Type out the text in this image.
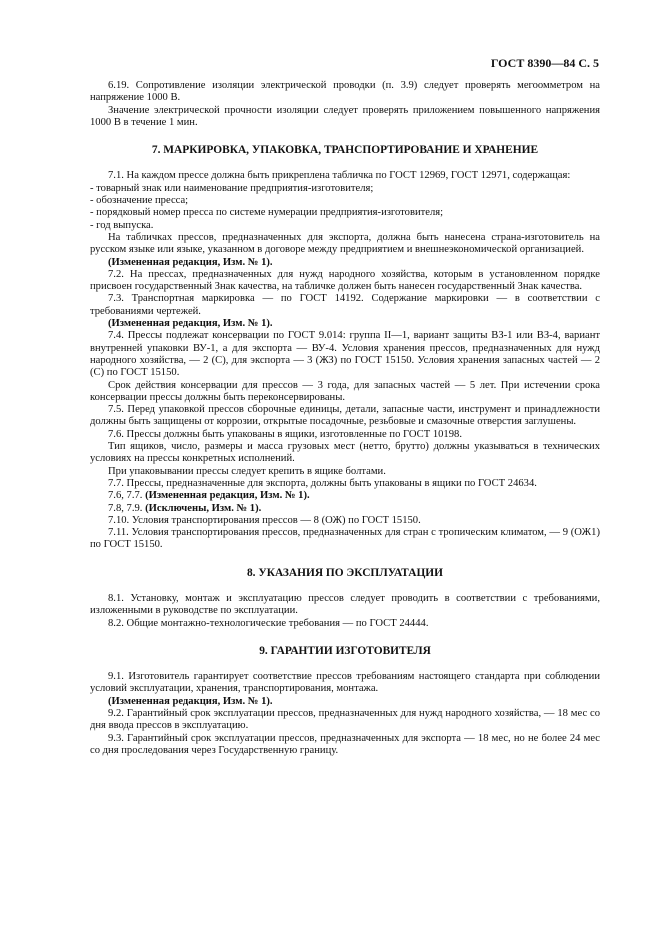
ГОСТ 8390—84 С. 5

6.19. Сопротивление изоляции электрической проводки (п. 3.9) следует проверять мегоомметром на напряжение 1000 В.

Значение электрической прочности изоляции следует проверять приложением повышенного напряжения 1000 В в течение 1 мин.

7. МАРКИРОВКА, УПАКОВКА, ТРАНСПОРТИРОВАНИЕ И ХРАНЕНИЕ

7.1. На каждом прессе должна быть прикреплена табличка по ГОСТ 12969, ГОСТ 12971, содержащая:

- товарный знак или наименование предприятия-изготовителя;

- обозначение пресса;

- порядковый номер пресса по системе нумерации предприятия-изготовителя;

- год выпуска.

На табличках прессов, предназначенных для экспорта, должна быть нанесена страна-изготовитель на русском языке или языке, указанном в договоре между предприятием и внешнеэкономической организацией.

(Измененная редакция, Изм. № 1).

7.2. На прессах, предназначенных для нужд народного хозяйства, которым в установленном порядке присвоен государственный Знак качества, на табличке должен быть нанесен государственный Знак качества.

7.3. Транспортная маркировка — по ГОСТ 14192. Содержание маркировки — в соответствии с требованиями чертежей.

(Измененная редакция, Изм. № 1).

7.4. Прессы подлежат консервации по ГОСТ 9.014: группа II—1, вариант защиты ВЗ-1 или ВЗ-4, вариант внутренней упаковки ВУ-1, а для экспорта — ВУ-4. Условия хранения прессов, предназначенных для нужд народного хозяйства, — 2 (С), для экспорта — 3 (ЖЗ) по ГОСТ 15150. Условия хранения запасных частей — 2 (С) по ГОСТ 15150.

Срок действия консервации для прессов — 3 года, для запасных частей — 5 лет. При истечении срока консервации прессы должны быть переконсервированы.

7.5. Перед упаковкой прессов сборочные единицы, детали, запасные части, инструмент и принадлежности должны быть защищены от коррозии, открытые посадочные, резьбовые и смазочные отверстия заглушены.

7.6. Прессы должны быть упакованы в ящики, изготовленные по ГОСТ 10198.

Тип ящиков, число, размеры и масса грузовых мест (нетто, брутто) должны указываться в технических условиях на прессы конкретных исполнений.

При упаковывании прессы следует крепить в ящике болтами.

7.7. Прессы, предназначенные для экспорта, должны быть упакованы в ящики по ГОСТ 24634.

7.6, 7.7. (Измененная редакция, Изм. № 1).

7.8, 7.9. (Исключены, Изм. № 1).

7.10. Условия транспортирования прессов — 8 (ОЖ) по ГОСТ 15150.

7.11. Условия транспортирования прессов, предназначенных для стран с тропическим климатом, — 9 (ОЖ1) по ГОСТ 15150.

8. УКАЗАНИЯ ПО ЭКСПЛУАТАЦИИ

8.1. Установку, монтаж и эксплуатацию прессов следует проводить в соответствии с требованиями, изложенными в руководстве по эксплуатации.

8.2. Общие монтажно-технологические требования — по ГОСТ 24444.

9. ГАРАНТИИ ИЗГОТОВИТЕЛЯ

9.1. Изготовитель гарантирует соответствие прессов требованиям настоящего стандарта при соблюдении условий эксплуатации, хранения, транспортирования, монтажа.

(Измененная редакция, Изм. № 1).

9.2. Гарантийный срок эксплуатации прессов, предназначенных для нужд народного хозяйства, — 18 мес со дня ввода прессов в эксплуатацию.

9.3. Гарантийный срок эксплуатации прессов, предназначенных для экспорта — 18 мес, но не более 24 мес со дня проследования через Государственную границу.
